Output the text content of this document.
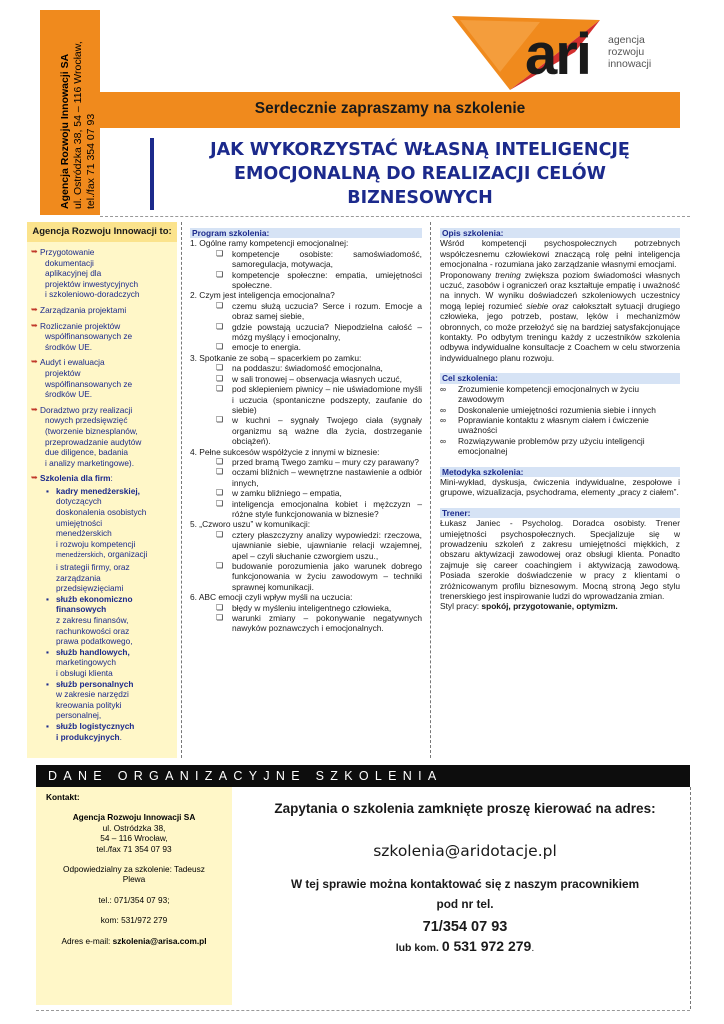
Agencja Rozwoju Innowacji SA ul. Ostródzka 38, 54 – 116 Wrocław, tel./fax 71 354 07 93
ari agencja
rozwoju
innowacji
Serdecznie zapraszamy na szkolenie
JAK WYKORZYSTAĆ WŁASNĄ INTELIGENCJĘ
EMOCJONALNĄ DO REALIZACJI CELÓW
BIZNESOWYCH
Agencja Rozwoju Innowacji to:
➥ Przygotowanie
dokumentacji
aplikacyjnej dla
projektów inwestycyjnych
i szkoleniowo-doradczych
➥ Zarządzania projektami
➥ Rozliczanie projektów
współfinansowanych ze
środków UE.
➥ Audyt i ewaluacja
projektów
współfinansowanych ze
środków UE.
➥ Doradztwo przy realizacji
nowych przedsięwzięć
(tworzenie biznesplanów,
przeprowadzanie audytów
due diligence, badania
i analizy marketingowe).
➥ Szkolenia dla firm:
▪ kadry menedżerskiej,
dotyczących
doskonalenia osobistych
umiejętności
menedżerskich
i rozwoju kompetencji
menedżerskich, organizacji
i strategii firmy, oraz
zarządzania
przedsięwzięciami
▪ służb ekonomiczno
finansowych
z zakresu finansów,
rachunkowości oraz
prawa podatkowego,
▪ służb handlowych,
marketingowych
i obsługi klienta
▪ służb personalnych
w zakresie narzędzi
kreowania polityki
personalnej,
▪ służb logistycznych
i produkcyjnych.
Program szkolenia:
1. Ogólne ramy kompetencji emocjonalnej:
❏ kompetencje osobiste: samoświadomość, samoregulacja, motywacja,
❏ kompetencje społeczne: empatia, umiejętności społeczne.
2. Czym jest inteligencja emocjonalna?
❏ czemu służą uczucia? Serce i rozum. Emocje a obraz samej siebie,
❏ gdzie powstają uczucia? Niepodzielna całość – mózg myślący i emocjonalny,
❏ emocje to energia.
3. Spotkanie ze sobą – spacerkiem po zamku:
❏ na poddaszu: świadomość emocjonalna,
❏ w sali tronowej – obserwacja własnych uczuć,
❏ pod sklepieniem piwnicy – nie uświadomione myśli i uczucia (spontaniczne podszepty, zaufanie do siebie)
❏ w kuchni – sygnały Twojego ciała (sygnały organizmu są ważne dla życia, dostrzeganie obciążeń).
4. Pełne sukcesów współżycie z innymi w biznesie:
❏ przed bramą Twego zamku – mury czy parawany?
❏ oczami bliźnich – wewnętrzne nastawienie a odbiór innych,
❏ w zamku bliźniego – empatia,
❏ inteligencja emocjonalna kobiet i mężczyzn – różne style funkcjonowania w biznesie?
5. „Czworo uszu” w komunikacji:
❏ cztery płaszczyzny analizy wypowiedzi: rzeczowa, ujawnianie siebie, ujawnianie relacji wzajemnej, apel – czyli słuchanie czworgiem uszu.,
❏ budowanie porozumienia jako warunek dobrego funkcjonowania w życiu zawodowym – techniki sprawnej komunikacji.
6. ABC emocji czyli wpływ myśli na uczucia:
❏ błędy w myśleniu inteligentnego człowieka,
❏ warunki zmiany – pokonywanie negatywnych nawyków poznawczych i emocjonalnych.
Opis szkolenia:

Wśród kompetencji psychospołecznych potrzebnych współczesnemu człowiekowi znaczącą rolę pełni inteligencja emocjonalna - rozumiana jako zarządzanie własnymi emocjami.

Proponowany trening zwiększa poziom świadomości własnych uczuć, zasobów i ograniczeń oraz kształtuje empatię i uważność na innych. W wyniku doświadczeń szkoleniowych uczestnicy mogą lepiej rozumieć siebie oraz całokształt sytuacji drugiego człowieka, jego potrzeb, postaw, lęków i mechanizmów obronnych, co może przełożyć się na bardziej satysfakcjonujące kontakty. Po odbytym treningu każdy z uczestników szkolenia odbywa indywidualne konsultacje z Coachem w celu stworzenia indywidualnego planu rozwoju.

Cel szkolenia:
∞ Zrozumienie kompetencji emocjonalnych w życiu zawodowym
∞ Doskonalenie umiejętności rozumienia siebie i innych
∞ Poprawianie kontaktu z własnym ciałem i ćwiczenie uważności
∞ Rozwiązywanie problemów przy użyciu inteligencji emocjonalnej
Metodyka szkolenia:

Mini-wykład, dyskusja, ćwiczenia indywidualne, zespołowe i grupowe, wizualizacja, psychodrama, elementy „pracy z ciałem”.

Trener:

Łukasz Janiec - Psycholog. Doradca osobisty. Trener umiejętności psychospołecznych. Specjalizuje się w prowadzeniu szkoleń z zakresu umiejętności miękkich, z obszaru aktywizacji zawodowej oraz obsługi klienta. Ponadto zajmuje się career coachingiem i aktywizacją zawodową. Posiada szerokie doświadczenie w pracy z klientami o zróżnicowanym profilu biznesowym. Mocną stroną Jego stylu trenerskiego jest inspirowanie ludzi do wprowadzania zmian.

Styl pracy: spokój, przygotowanie, optymizm.

DANE ORGANIZACYJNE SZKOLENIA
Kontakt:
Agencja Rozwoju Innowacji SA
ul. Ostródzka 38,
54 – 116 Wrocław,
tel./fax 71 354 07 93
Odpowiedzialny za szkolenie: Tadeusz
Plewa
tel.: 071/354 07 93;
kom: 531/972 279
Adres e-mail: szkolenia@arisa.com.pl
Zapytania o szkolenia zamknięte proszę kierować na adres:
szkolenia@aridotacje.pl
W tej sprawie można kontaktować się z naszym pracownikiem
pod nr tel.
71/354 07 93
lub kom. 0 531 972 279.
